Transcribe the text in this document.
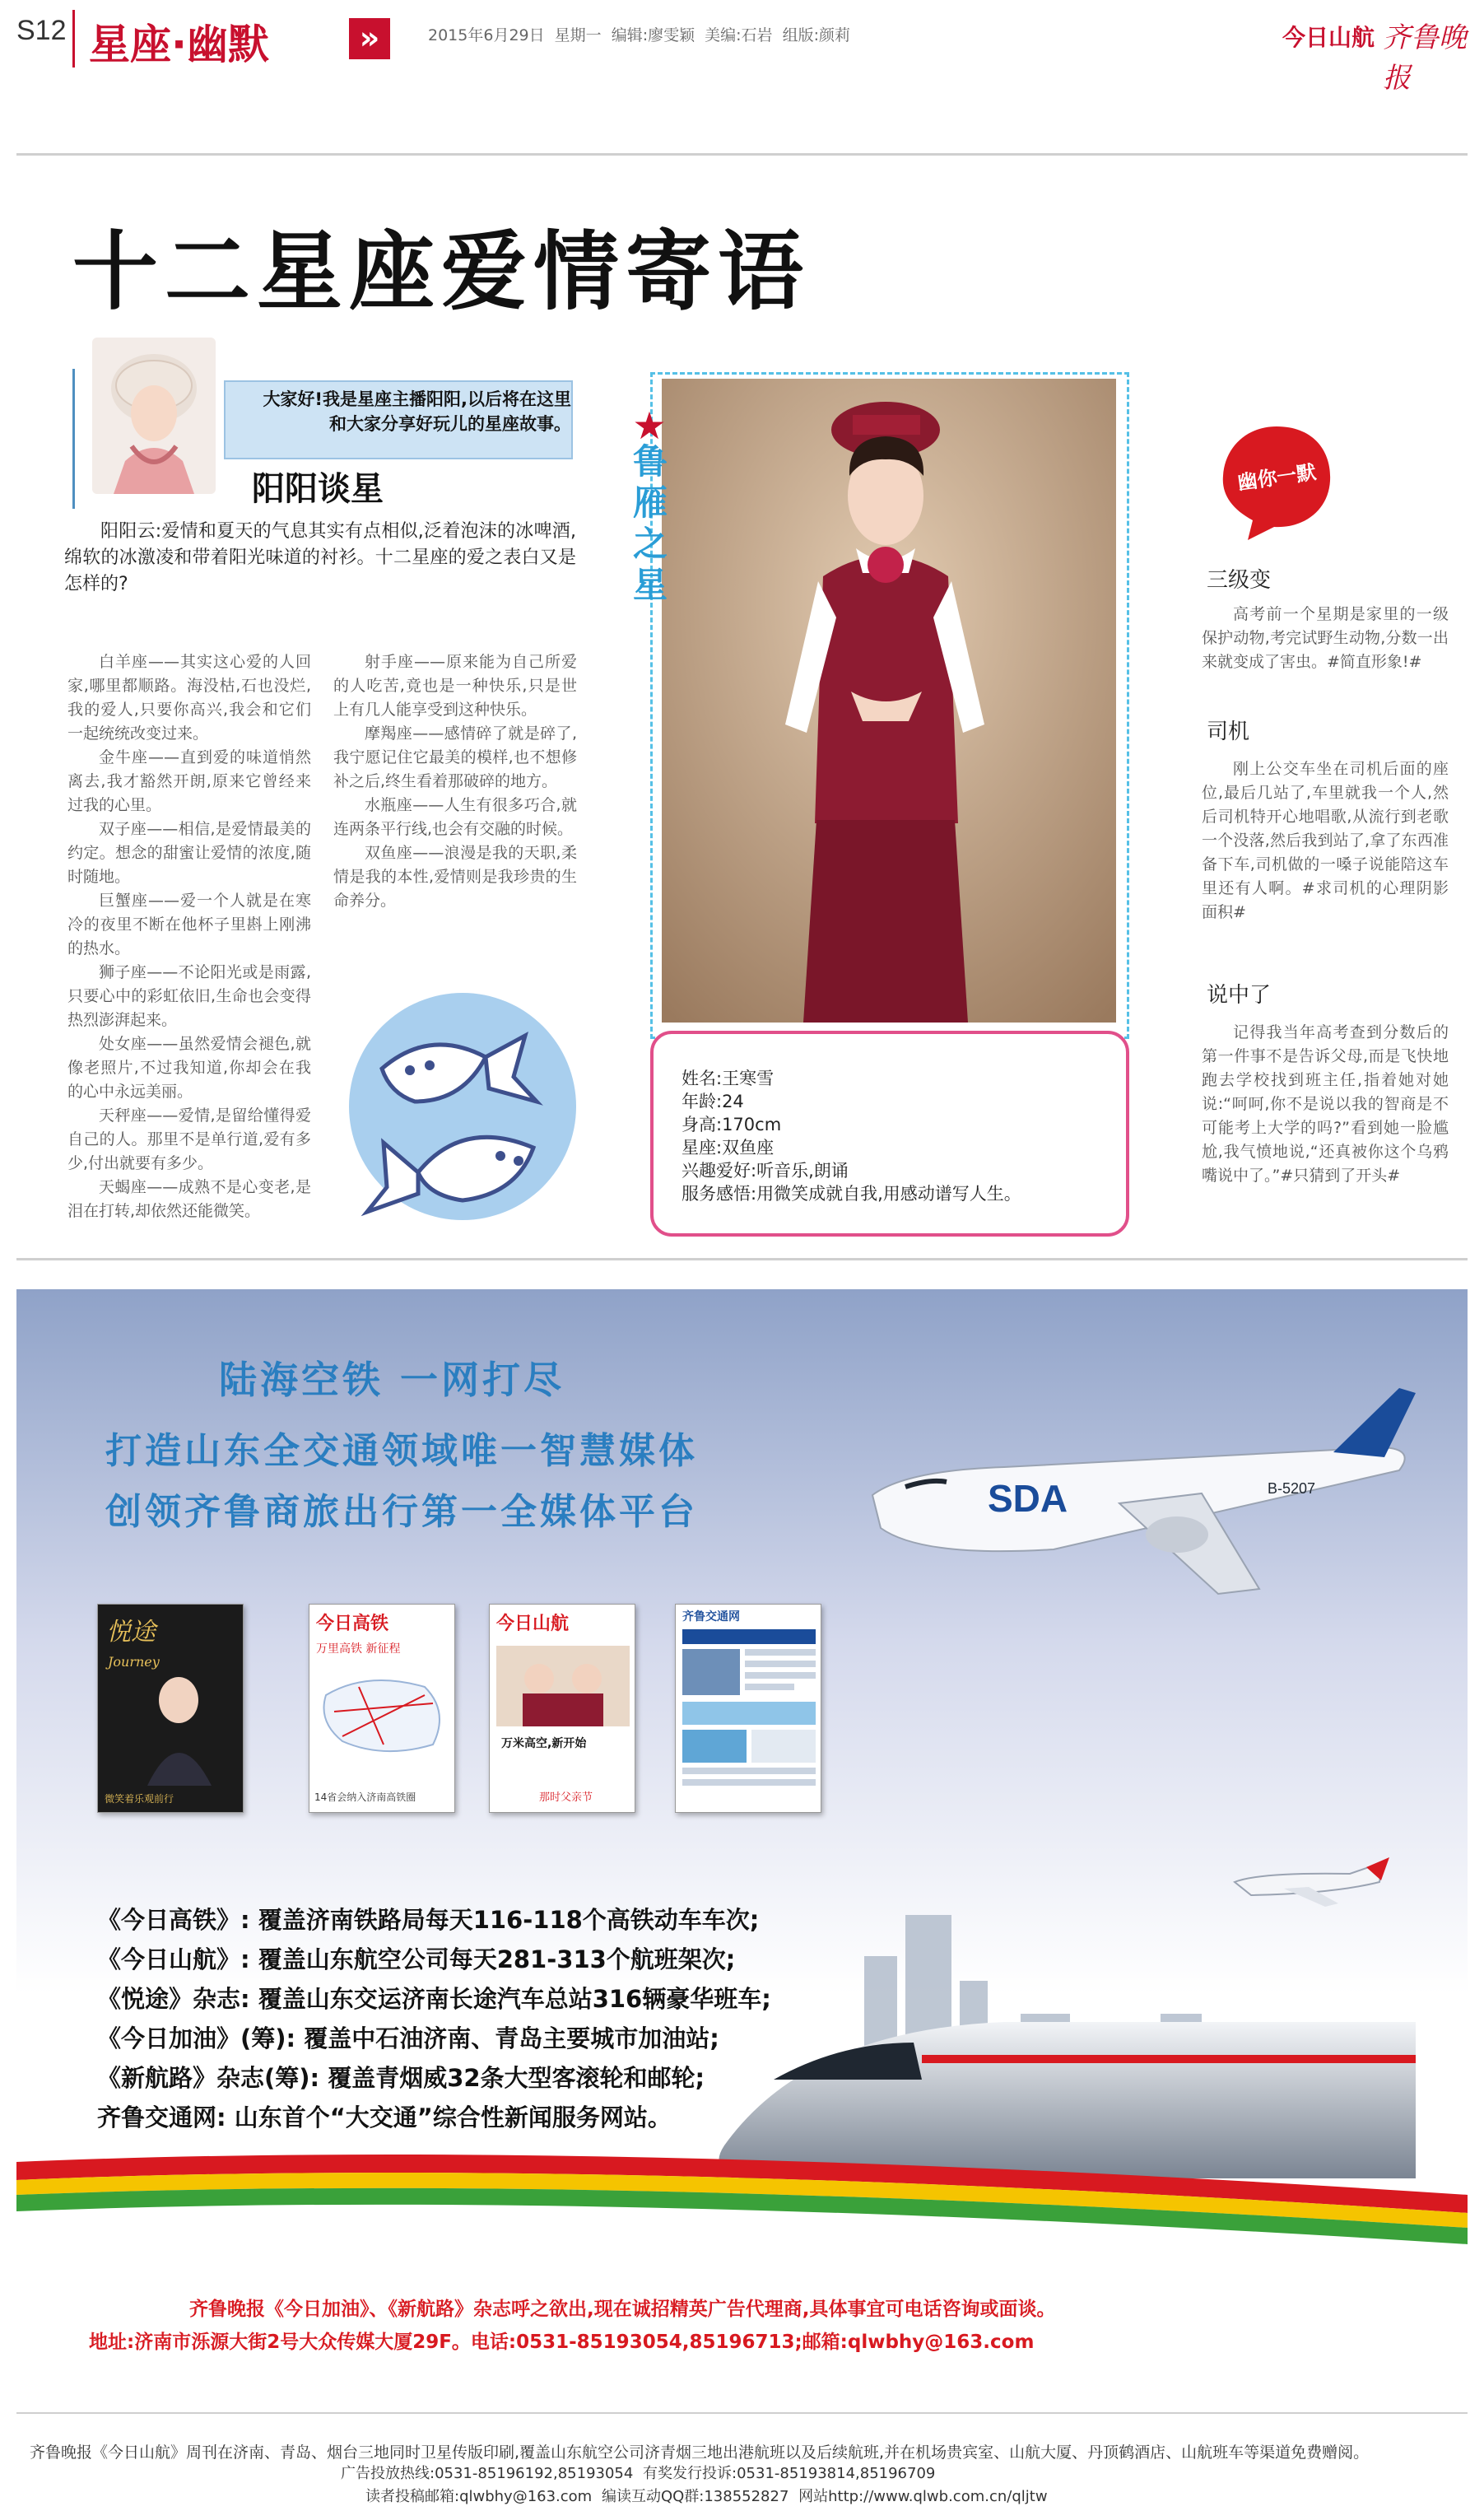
S12 星座·幽默	»	2015年6月29日 星期一 编辑:廖雯颖 美编:石岩 组版:颜莉	今日山航 齐鲁晚报
十二星座爱情寄语
大家好!我是星座主播阳阳,以后将在这里
和大家分享好玩儿的星座故事。
阳阳谈星
阳阳云:爱情和夏天的气息其实有点相似,泛着泡沫的冰啤酒,绵软的冰激凌和带着阳光味道的衬衫。十二星座的爱之表白又是怎样的?

白羊座——其实这心爱的人回家,哪里都顺路。海没枯,石也没烂,我的爱人,只要你高兴,我会和它们一起统统改变过来。

金牛座——直到爱的味道悄然离去,我才豁然开朗,原来它曾经来过我的心里。

双子座——相信,是爱情最美的约定。想念的甜蜜让爱情的浓度,随时随地。

巨蟹座——爱一个人就是在寒冷的夜里不断在他杯子里斟上刚沸的热水。

狮子座——不论阳光或是雨露,只要心中的彩虹依旧,生命也会变得热烈澎湃起来。

处女座——虽然爱情会褪色,就像老照片,不过我知道,你却会在我的心中永远美丽。

天秤座——爱情,是留给懂得爱自己的人。那里不是单行道,爱有多少,付出就要有多少。

天蝎座——成熟不是心变老,是泪在打转,却依然还能微笑。

射手座——原来能为自己所爱的人吃苦,竟也是一种快乐,只是世上有几人能享受到这种快乐。

摩羯座——感情碎了就是碎了,我宁愿记住它最美的模样,也不想修补之后,终生看着那破碎的地方。

水瓶座——人生有很多巧合,就连两条平行线,也会有交融的时候。

双鱼座——浪漫是我的天职,柔情是我的本性,爱情则是我珍贵的生命养分。

★
鲁雁之星
姓名:王寒雪
年龄:24
身高:170cm
星座:双鱼座
兴趣爱好:听音乐,朗诵
服务感悟:用微笑成就自我,用感动谱写人生。
幽你一默
三级变

高考前一个星期是家里的一级保护动物,考完试野生动物,分数一出来就变成了害虫。#简直形象!#

司机

刚上公交车坐在司机后面的座位,最后几站了,车里就我一个人,然后司机特开心地唱歌,从流行到老歌一个没落,然后我到站了,拿了东西准备下车,司机做的一嗓子说能陪这车里还有人啊。#求司机的心理阴影面积#

说中了

记得我当年高考查到分数后的第一件事不是告诉父母,而是飞快地跑去学校找到班主任,指着她对她说:“呵呵,你不是说以我的智商是不可能考上大学的吗?”看到她一脸尴尬,我气愤地说,“还真被你这个乌鸦嘴说中了。”#只猜到了开头#

SDA	B-5207
陆海空铁 一网打尽
打造山东全交通领域唯一智慧媒体
创领齐鲁商旅出行第一全媒体平台
悦途
Journey
微笑着乐观前行
今日高铁
万里高铁 新征程
14省会纳入济南高铁圈
今日山航
万米高空,新开始
那时父亲节
齐鲁交通网
《今日高铁》: 覆盖济南铁路局每天116-118个高铁动车车次;
《今日山航》: 覆盖山东航空公司每天281-313个航班架次;
《悦途》杂志: 覆盖山东交运济南长途汽车总站316辆豪华班车;
《今日加油》(筹): 覆盖中石油济南、青岛主要城市加油站;
《新航路》杂志(筹): 覆盖青烟威32条大型客滚轮和邮轮;
齐鲁交通网: 山东首个“大交通”综合性新闻服务网站。
齐鲁晚报《今日加油》、《新航路》杂志呼之欲出,现在诚招精英广告代理商,具体事宜可电话咨询或面谈。
地址:济南市泺源大街2号大众传媒大厦29F。电话:0531-85193054,85196713;邮箱:qlwbhy@163.com
齐鲁晚报《今日山航》周刊在济南、青岛、烟台三地同时卫星传版印刷,覆盖山东航空公司济青烟三地出港航班以及后续航班,并在机场贵宾室、山航大厦、丹顶鹤酒店、山航班车等渠道免费赠阅。
广告投放热线:0531-85196192,85193054 有奖发行投诉:0531-85193814,85196709
读者投稿邮箱:qlwbhy@163.com 编读互动QQ群:138552827 网站http://www.qlwb.com.cn/qljtw
